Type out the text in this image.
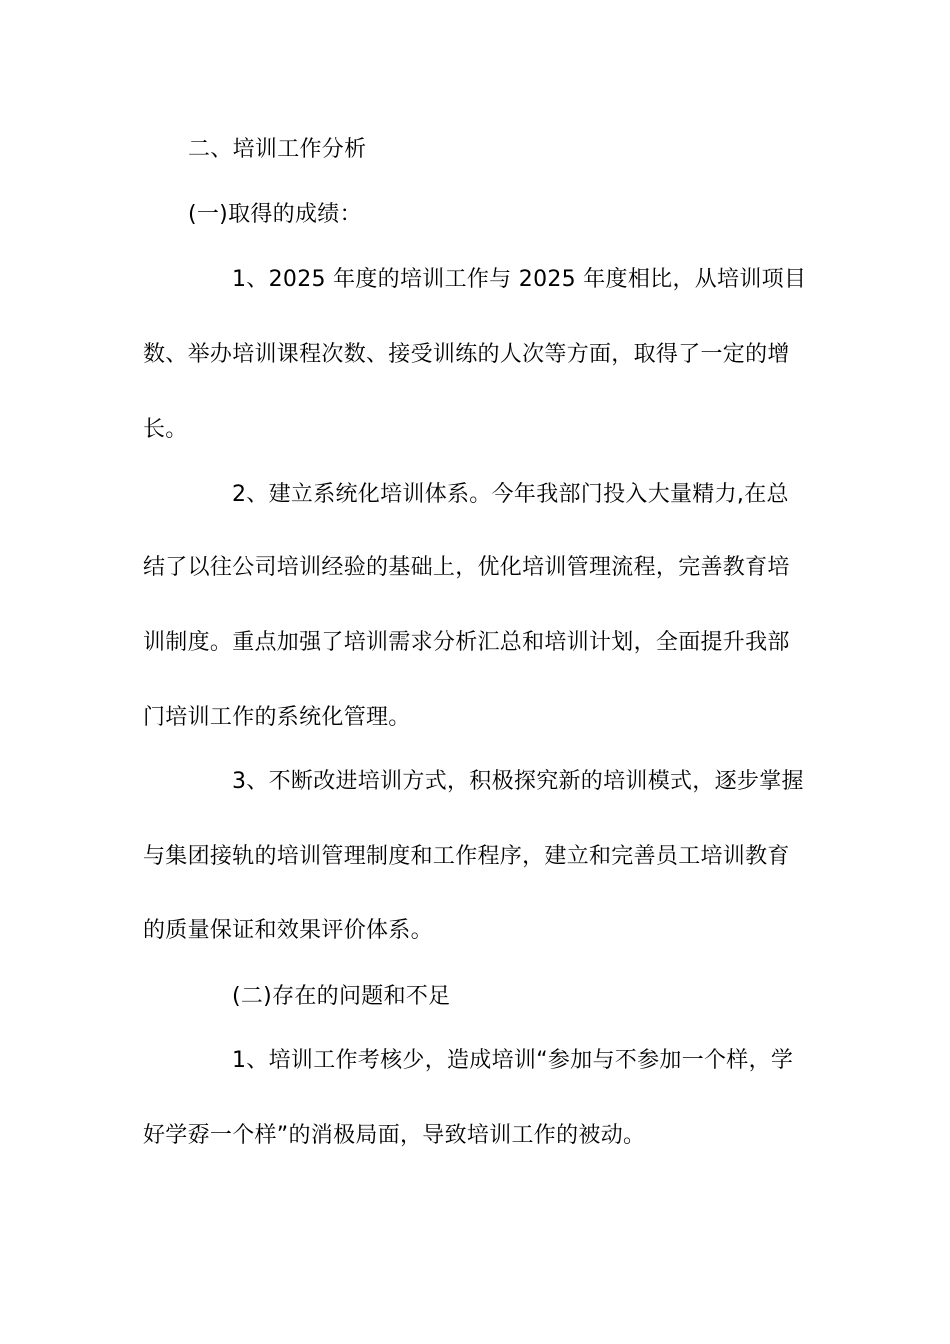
二、培训工作分析

(一)取得的成绩：

1、2025 年度的培训工作与 2025 年度相比，从培训项目

数、举办培训课程次数、接受训练的人次等方面，取得了一定的增

长。

2、建立系统化培训体系。今年我部门投入大量精力,在总

结了以往公司培训经验的基础上，优化培训管理流程，完善教育培

训制度。重点加强了培训需求分析汇总和培训计划，全面提升我部

门培训工作的系统化管理。

3、不断改进培训方式，积极探究新的培训模式，逐步掌握

与集团接轨的培训管理制度和工作程序，建立和完善员工培训教育

的质量保证和效果评价体系。

(二)存在的问题和不足

1、培训工作考核少，造成培训“参加与不参加一个样，学

好学孬一个样”的消极局面，导致培训工作的被动。
